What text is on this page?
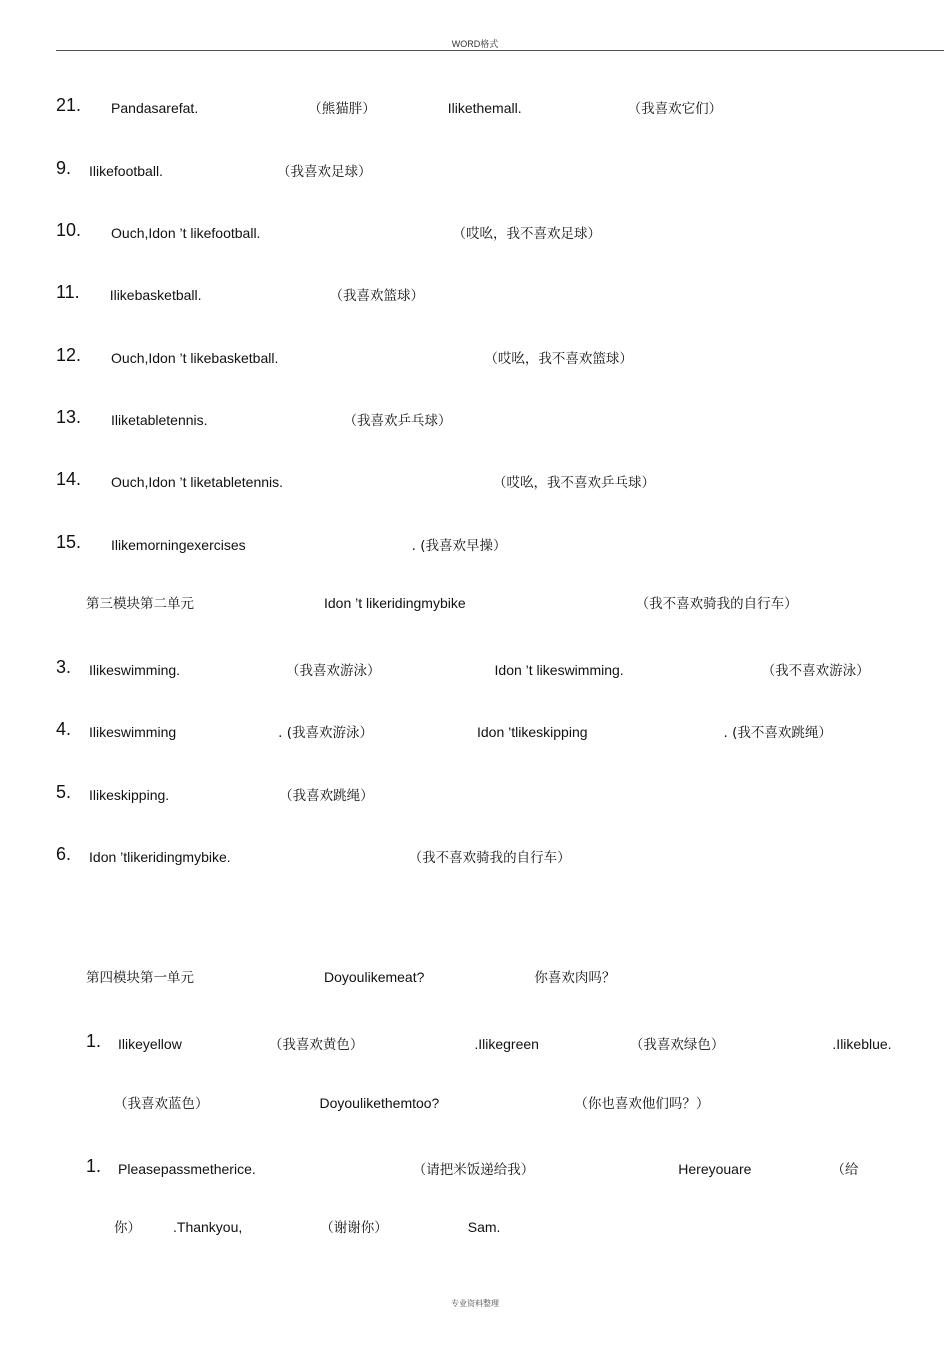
WORD格式
21. Pandasarefat.	（熊猫胖）	Ilikethemall.	（我喜欢它们）
9. Ilikefootball.	（我喜欢足球）
10. Ouch,Idon ’t likefootball.	（哎吆，我不喜欢足球）
11. Ilikebasketball.	（我喜欢篮球）
12. Ouch,Idon ’t likebasketball.	（哎吆，我不喜欢篮球）
13. Iliketabletennis.	（我喜欢乒乓球）
14. Ouch,Idon ’t liketabletennis.	（哎吆，我不喜欢乒乓球）
15. Ilikemorningexercises	. (我喜欢早操）
第三模块第二单元	Idon ’t likeridingmybike	（我不喜欢骑我的自行车）
3. Ilikeswimming.	（我喜欢游泳）	Idon ’t likeswimming.	（我不喜欢游泳）
4. Ilikeswimming	. (我喜欢游泳）	Idon ’tlikeskipping	. (我不喜欢跳绳）
5. Ilikeskipping.	（我喜欢跳绳）
6. Idon ’tlikeridingmybike.	（我不喜欢骑我的自行车）
第四模块第一单元	Doyoulikemeat?	你喜欢肉吗？
1. Ilikeyellow	（我喜欢黄色）	.Ilikegreen	（我喜欢绿色）	.Ilikeblue.
（我喜欢蓝色）	Doyoulikethemtoo?	（你也喜欢他们吗？）
1. Pleasepassmetherice.	（请把米饭递给我）	Hereyouare	（给
你） .Thankyou,	（谢谢你）	Sam.
专业资料整理
